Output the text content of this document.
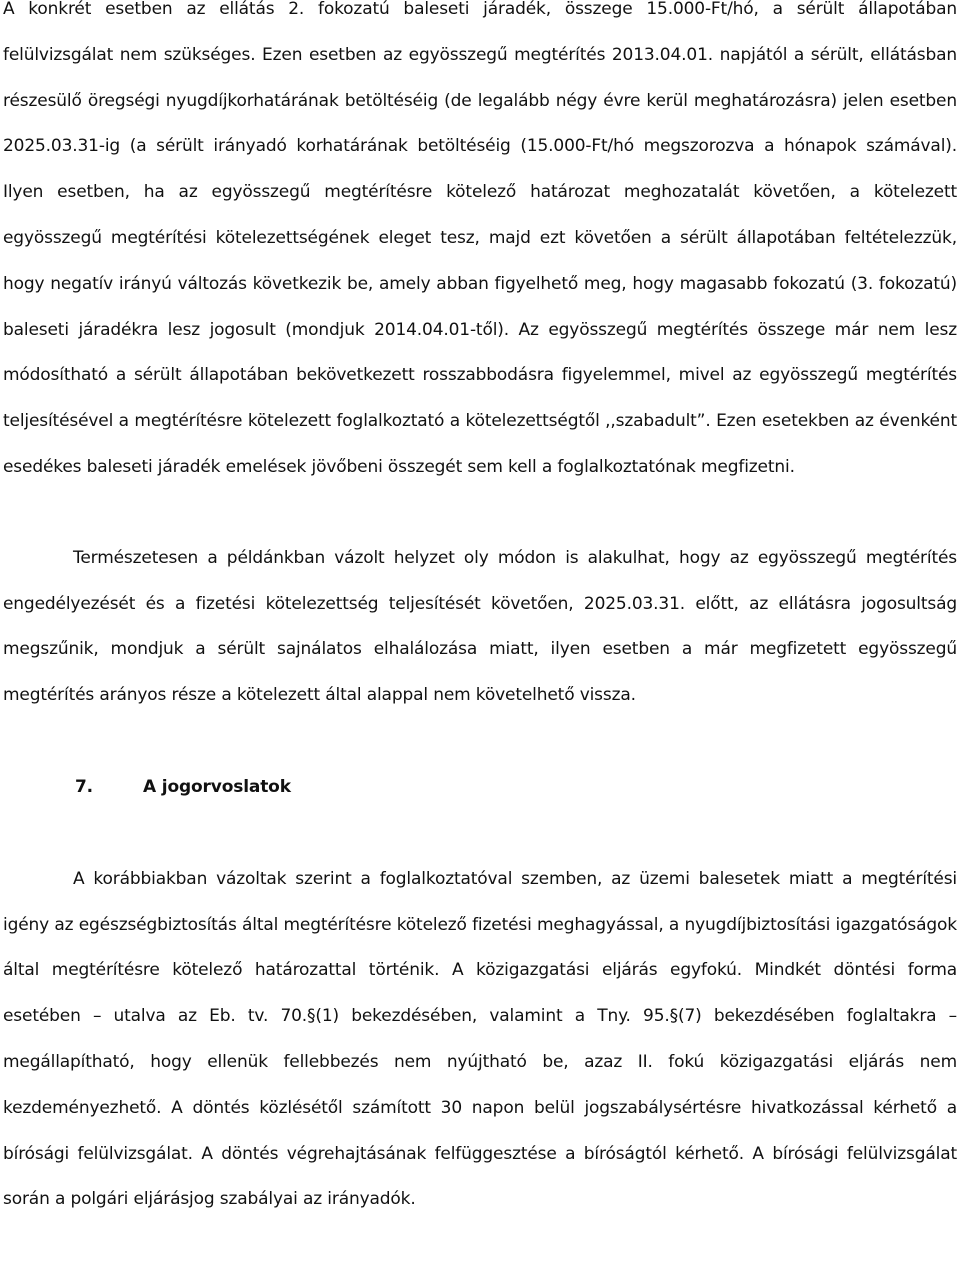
A konkrét esetben az ellátás 2. fokozatú baleseti járadék, összege 15.000-Ft/hó, a sérült állapotában felülvizsgálat nem szükséges. Ezen esetben az egyösszegű megtérítés 2013.04.01. napjától a sérült, ellátásban részesülő öregségi nyugdíjkorhatárának betöltéséig (de legalább négy évre kerül meghatározásra) jelen esetben 2025.03.31-ig (a sérült irányadó korhatárának betöltéséig (15.000-Ft/hó megszorozva a hónapok számával). Ilyen esetben, ha az egyösszegű megtérítésre kötelező határozat meghozatalát követően, a kötelezett egyösszegű megtérítési kötelezettségének eleget tesz, majd ezt követően a sérült állapotában feltételezzük, hogy negatív irányú változás következik be, amely abban figyelhető meg, hogy magasabb fokozatú (3. fokozatú) baleseti járadékra lesz jogosult (mondjuk 2014.04.01-től). Az egyösszegű megtérítés összege már nem lesz módosítható a sérült állapotában bekövetkezett rosszabbodásra figyelemmel, mivel az egyösszegű megtérítés teljesítésével a megtérítésre kötelezett foglalkoztató a kötelezettségtől ,,szabadult”. Ezen esetekben az évenként esedékes baleseti járadék emelések jövőbeni összegét sem kell a foglalkoztatónak megfizetni.

Természetesen a példánkban vázolt helyzet oly módon is alakulhat, hogy az egyösszegű megtérítés engedélyezését és a fizetési kötelezettség teljesítését követően, 2025.03.31. előtt, az ellátásra jogosultság megszűnik, mondjuk a sérült sajnálatos elhalálozása miatt, ilyen esetben a már megfizetett egyösszegű megtérítés arányos része a kötelezett által alappal nem követelhető vissza.

7.	A jogorvoslatok

A korábbiakban vázoltak szerint a foglalkoztatóval szemben, az üzemi balesetek miatt a megtérítési igény az egészségbiztosítás által megtérítésre kötelező fizetési meghagyással, a nyugdíjbiztosítási igazgatóságok által megtérítésre kötelező határozattal történik. A közigazgatási eljárás egyfokú. Mindkét döntési forma esetében – utalva az Eb. tv. 70.§(1) bekezdésében, valamint a Tny. 95.§(7) bekezdésében foglaltakra – megállapítható, hogy ellenük fellebbezés nem nyújtható be, azaz II. fokú közigazgatási eljárás nem kezdeményezhető. A döntés közlésétől számított 30 napon belül jogszabálysértésre hivatkozással kérhető a bírósági felülvizsgálat. A döntés végrehajtásának felfüggesztése a bíróságtól kérhető. A bírósági felülvizsgálat során a polgári eljárásjog szabályai az irányadók.
